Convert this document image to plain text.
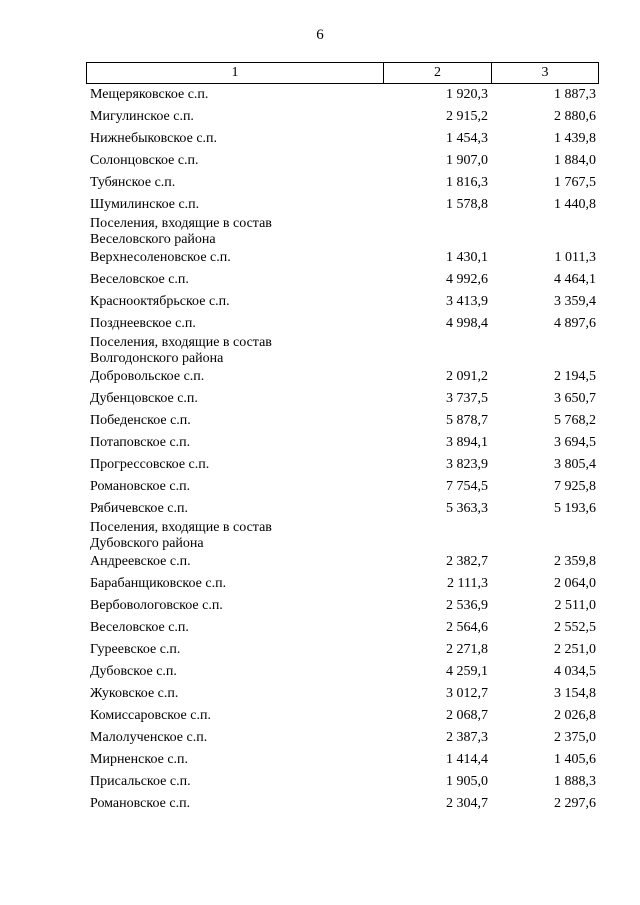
6
1	2	3
Мещеряковское с.п.	1 920,3	1 887,3
Мигулинское с.п.	2 915,2	2 880,6
Нижнебыковское с.п.	1 454,3	1 439,8
Солонцовское с.п.	1 907,0	1 884,0
Тубянское с.п.	1 816,3	1 767,5
Шумилинское с.п.	1 578,8	1 440,8
Поселения, входящие в состав
Веселовского района
Верхнесоленовское с.п.	1 430,1	1 011,3
Веселовское с.п.	4 992,6	4 464,1
Краснооктябрьское с.п.	3 413,9	3 359,4
Позднеевское с.п.	4 998,4	4 897,6
Поселения, входящие в состав
Волгодонского района
Добровольское с.п.	2 091,2	2 194,5
Дубенцовское с.п.	3 737,5	3 650,7
Победенское с.п.	5 878,7	5 768,2
Потаповское с.п.	3 894,1	3 694,5
Прогрессовское с.п.	3 823,9	3 805,4
Романовское с.п.	7 754,5	7 925,8
Рябичевское с.п.	5 363,3	5 193,6
Поселения, входящие в состав
Дубовского района
Андреевское с.п.	2 382,7	2 359,8
Барабанщиковское с.п.	2 111,3	2 064,0
Вербовологовское с.п.	2 536,9	2 511,0
Веселовское с.п.	2 564,6	2 552,5
Гуреевское с.п.	2 271,8	2 251,0
Дубовское с.п.	4 259,1	4 034,5
Жуковское с.п.	3 012,7	3 154,8
Комиссаровское с.п.	2 068,7	2 026,8
Малолученское с.п.	2 387,3	2 375,0
Мирненское с.п.	1 414,4	1 405,6
Присальское с.п.	1 905,0	1 888,3
Романовское с.п.	2 304,7	2 297,6
